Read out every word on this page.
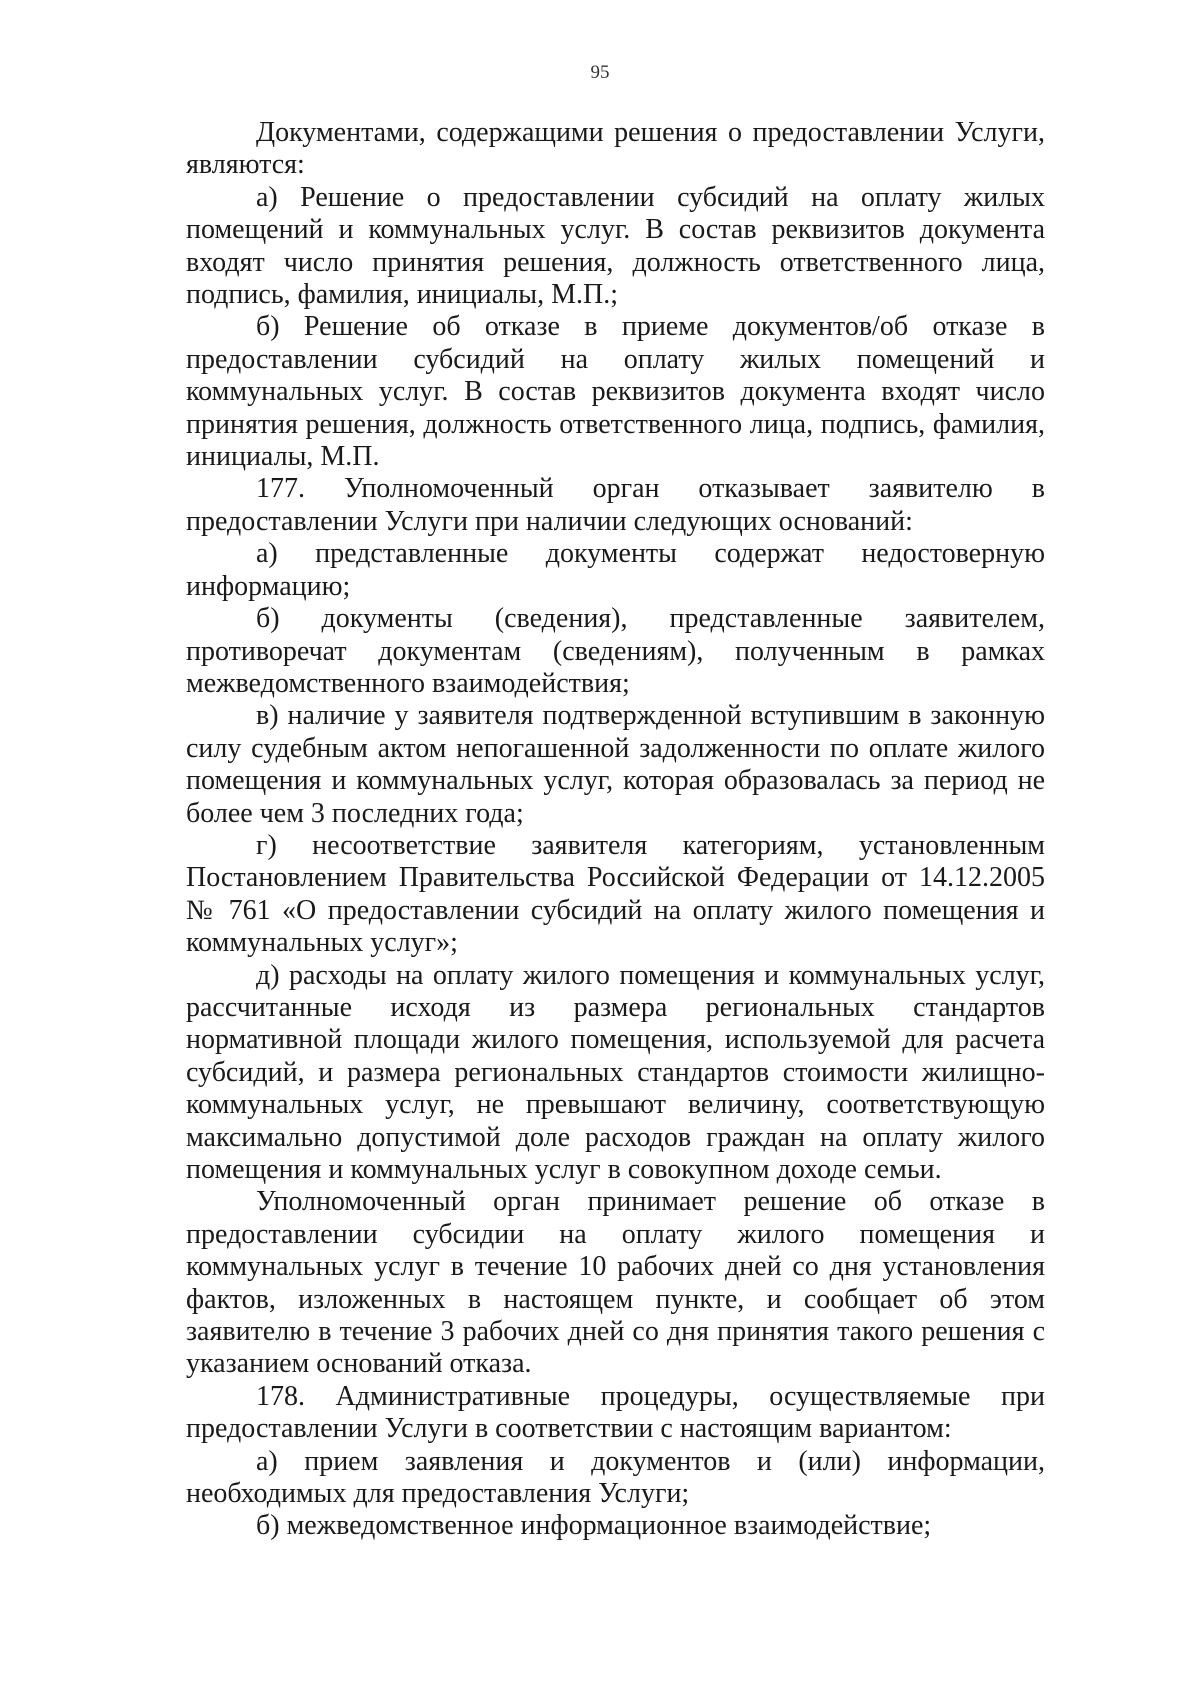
95

Документами, содержащими решения о предоставлении Услуги, являются:

а) Решение о предоставлении субсидий на оплату жилых помещений и коммунальных услуг. В состав реквизитов документа входят число принятия решения, должность ответственного лица, подпись, фамилия, инициалы, М.П.;

б) Решение об отказе в приеме документов/об отказе в предоставлении субсидий на оплату жилых помещений и коммунальных услуг. В состав реквизитов документа входят число принятия решения, должность ответственного лица, подпись, фамилия, инициалы, М.П.

177. Уполномоченный орган отказывает заявителю в предоставлении Услуги при наличии следующих оснований:

а) представленные документы содержат недостоверную информацию;

б) документы (сведения), представленные заявителем, противоречат документам (сведениям), полученным в рамках межведомственного взаимодействия;

в) наличие у заявителя подтвержденной вступившим в законную силу судебным актом непогашенной задолженности по оплате жилого помещения и коммунальных услуг, которая образовалась за период не более чем 3 последних года;

г) несоответствие заявителя категориям, установленным Постановлением Правительства Российской Федерации от 14.12.2005 № 761 «О предоставлении субсидий на оплату жилого помещения и коммунальных услуг»;

д) расходы на оплату жилого помещения и коммунальных услуг, рассчитанные исходя из размера региональных стандартов нормативной площади жилого помещения, используемой для расчета субсидий, и размера региональных стандартов стоимости жилищно-коммунальных услуг, не превышают величину, соответствующую максимально допустимой доле расходов граждан на оплату жилого помещения и коммунальных услуг в совокупном доходе семьи.

Уполномоченный орган принимает решение об отказе в предоставлении субсидии на оплату жилого помещения и коммунальных услуг в течение 10 рабочих дней со дня установления фактов, изложенных в настоящем пункте, и сообщает об этом заявителю в течение 3 рабочих дней со дня принятия такого решения с указанием оснований отказа.

178. Административные процедуры, осуществляемые при предоставлении Услуги в соответствии с настоящим вариантом:

а) прием заявления и документов и (или) информации, необходимых для предоставления Услуги;

б) межведомственное информационное взаимодействие;
